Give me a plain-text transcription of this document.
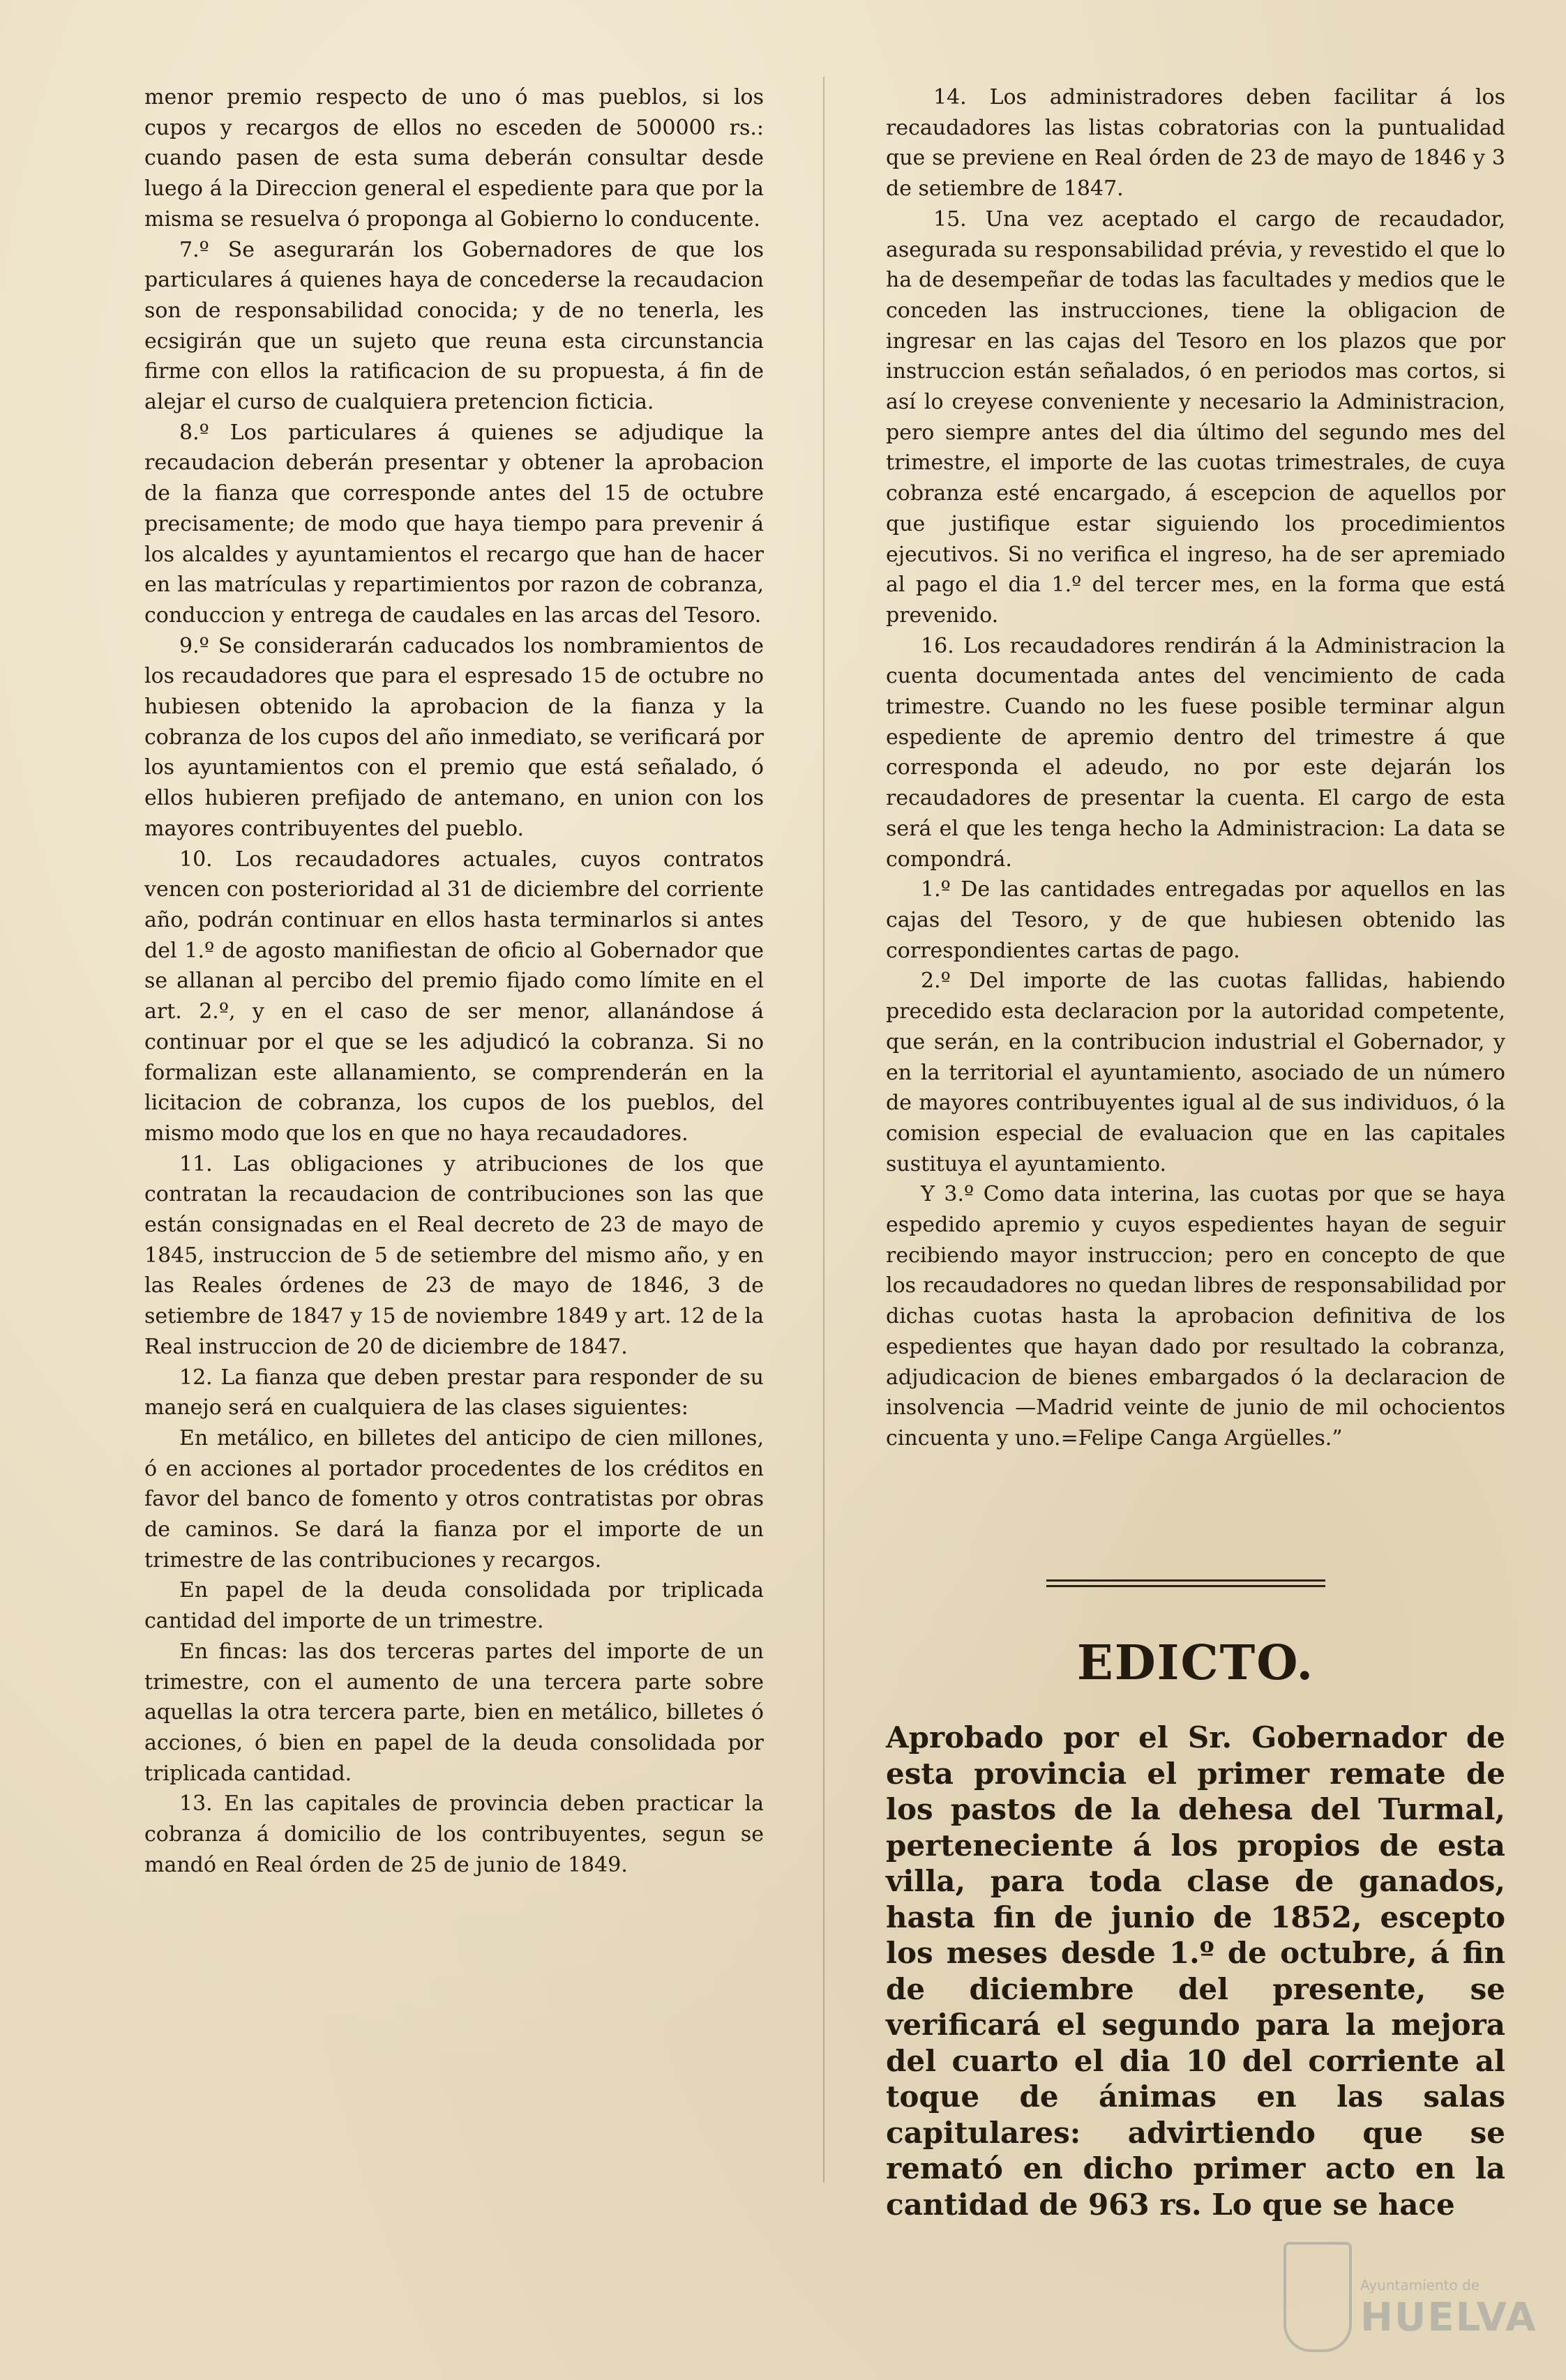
menor premio respecto de uno ó mas pueblos, si los cupos y recargos de ellos no esceden de 500000 rs.: cuando pasen de esta suma deberán consultar desde luego á la Direccion general el espediente para que por la misma se resuelva ó proponga al Gobierno lo conducente.

7.º Se asegurarán los Gobernadores de que los particulares á quienes haya de concederse la recaudacion son de responsabilidad conocida; y de no tenerla, les ecsigirán que un sujeto que reuna esta circunstancia firme con ellos la ratificacion de su propuesta, á fin de alejar el curso de cualquiera pretencion ficticia.

8.º Los particulares á quienes se adjudique la recaudacion deberán presentar y obtener la aprobacion de la fianza que corresponde antes del 15 de octubre precisamente; de modo que haya tiempo para prevenir á los alcaldes y ayuntamientos el recargo que han de hacer en las matrículas y repartimientos por razon de cobranza, conduccion y entrega de caudales en las arcas del Tesoro.

9.º Se considerarán caducados los nombramientos de los recaudadores que para el espresado 15 de octubre no hubiesen obtenido la aprobacion de la fianza y la cobranza de los cupos del año inmediato, se verificará por los ayuntamientos con el premio que está señalado, ó ellos hubieren prefijado de antemano, en union con los mayores contribuyentes del pueblo.

10. Los recaudadores actuales, cuyos contratos vencen con posterioridad al 31 de diciembre del corriente año, podrán continuar en ellos hasta terminarlos si antes del 1.º de agosto manifiestan de oficio al Gobernador que se allanan al percibo del premio fijado como límite en el art. 2.º, y en el caso de ser menor, allanándose á continuar por el que se les adjudicó la cobranza. Si no formalizan este allanamiento, se comprenderán en la licitacion de cobranza, los cupos de los pueblos, del mismo modo que los en que no haya recaudadores.

11. Las obligaciones y atribuciones de los que contratan la recaudacion de contribuciones son las que están consignadas en el Real decreto de 23 de mayo de 1845, instruccion de 5 de setiembre del mismo año, y en las Reales órdenes de 23 de mayo de 1846, 3 de setiembre de 1847 y 15 de noviembre 1849 y art. 12 de la Real instruccion de 20 de diciembre de 1847.

12. La fianza que deben prestar para responder de su manejo será en cualquiera de las clases siguientes:

En metálico, en billetes del anticipo de cien millones, ó en acciones al portador procedentes de los créditos en favor del banco de fomento y otros contratistas por obras de caminos. Se dará la fianza por el importe de un trimestre de las contribuciones y recargos.

En papel de la deuda consolidada por triplicada cantidad del importe de un trimestre.

En fincas: las dos terceras partes del importe de un trimestre, con el aumento de una tercera parte sobre aquellas la otra tercera parte, bien en metálico, billetes ó acciones, ó bien en papel de la deuda consolidada por triplicada cantidad.

13. En las capitales de provincia deben practicar la cobranza á domicilio de los contribuyentes, segun se mandó en Real órden de 25 de junio de 1849.

14. Los administradores deben facilitar á los recaudadores las listas cobratorias con la puntualidad que se previene en Real órden de 23 de mayo de 1846 y 3 de setiembre de 1847.

15. Una vez aceptado el cargo de recaudador, asegurada su responsabilidad prévia, y revestido el que lo ha de desempeñar de todas las facultades y medios que le conceden las instrucciones, tiene la obligacion de ingresar en las cajas del Tesoro en los plazos que por instruccion están señalados, ó en periodos mas cortos, si así lo creyese conveniente y necesario la Administracion, pero siempre antes del dia último del segundo mes del trimestre, el importe de las cuotas trimestrales, de cuya cobranza esté encargado, á escepcion de aquellos por que justifique estar siguiendo los procedimientos ejecutivos. Si no verifica el ingreso, ha de ser apremiado al pago el dia 1.º del tercer mes, en la forma que está prevenido.

16. Los recaudadores rendirán á la Administracion la cuenta documentada antes del vencimiento de cada trimestre. Cuando no les fuese posible terminar algun espediente de apremio dentro del trimestre á que corresponda el adeudo, no por este dejarán los recaudadores de presentar la cuenta. El cargo de esta será el que les tenga hecho la Administracion: La data se compondrá.

1.º De las cantidades entregadas por aquellos en las cajas del Tesoro, y de que hubiesen obtenido las correspondientes cartas de pago.

2.º Del importe de las cuotas fallidas, habiendo precedido esta declaracion por la autoridad competente, que serán, en la contribucion industrial el Gobernador, y en la territorial el ayuntamiento, asociado de un número de mayores contribuyentes igual al de sus individuos, ó la comision especial de evaluacion que en las capitales sustituya el ayuntamiento.

Y 3.º Como data interina, las cuotas por que se haya espedido apremio y cuyos espedientes hayan de seguir recibiendo mayor instruccion; pero en concepto de que los recaudadores no quedan libres de responsabilidad por dichas cuotas hasta la aprobacion definitiva de los espedientes que hayan dado por resultado la cobranza, adjudicacion de bienes embargados ó la declaracion de insolvencia —Madrid veinte de junio de mil ochocientos cincuenta y uno.=Felipe Canga Argüelles.”

EDICTO.

Aprobado por el Sr. Gobernador de esta provincia el primer remate de los pastos de la dehesa del Turmal, perteneciente á los propios de esta villa, para toda clase de ganados, hasta fin de junio de 1852, escepto los meses desde 1.º de octubre, á fin de diciembre del presente, se verificará el segundo para la mejora del cuarto el dia 10 del corriente al toque de ánimas en las salas capitulares: advirtiendo que se remató en dicho primer acto en la cantidad de 963 rs. Lo que se hace

Ayuntamiento de
HUELVA
